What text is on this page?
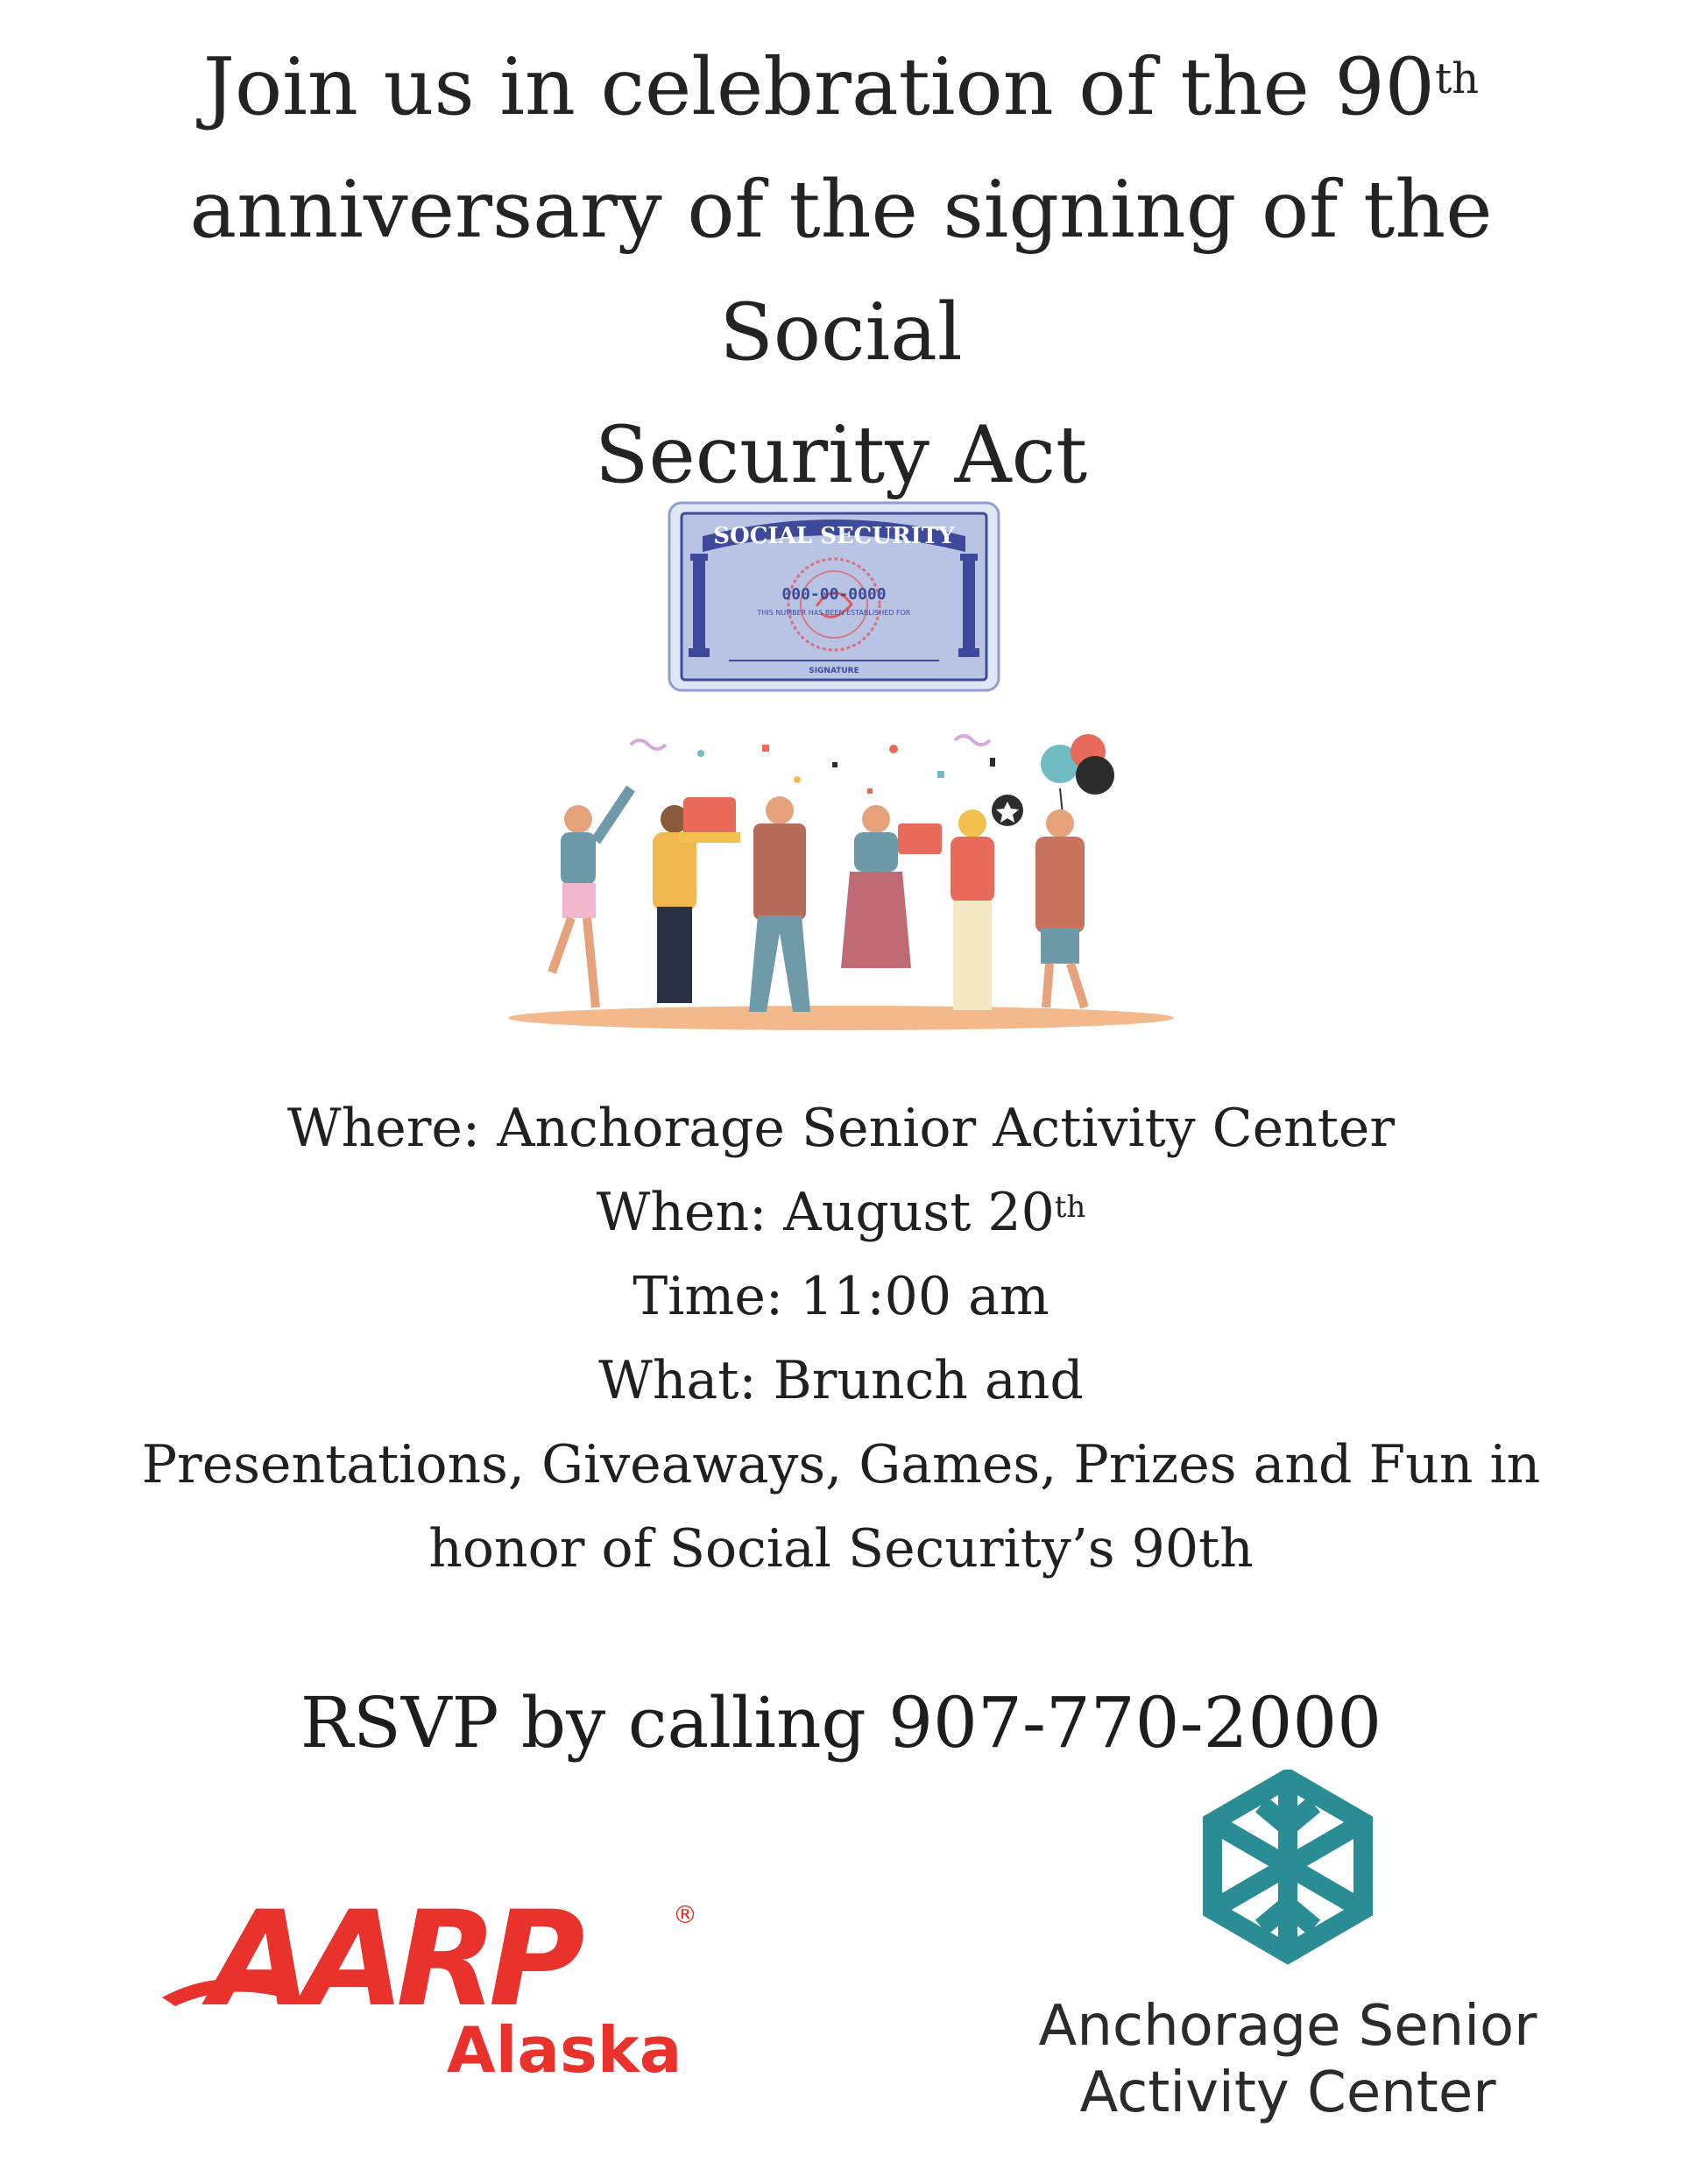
Join us in celebration of the 90th
anniversary of the signing of the Social
Security Act
SOCIAL SECURITY
000-00-0000
THIS NUMBER HAS BEEN ESTABLISHED FOR
SIGNATURE
Where: Anchorage Senior Activity Center
When: August 20th
Time: 11:00 am
What: Brunch and
Presentations, Giveaways, Games, Prizes and Fun in
honor of Social Security’s 90th
RSVP by calling 907-770-2000
AARP	®
Alaska	Anchorage Senior
Activity Center
